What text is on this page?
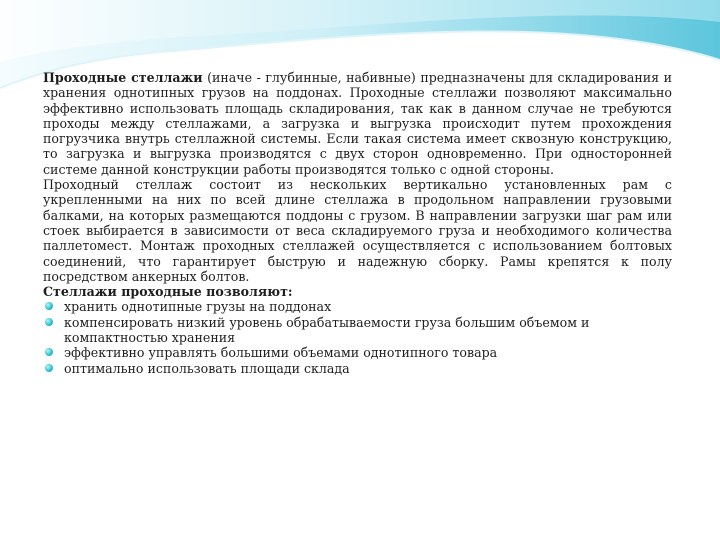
Проходные стеллажи (иначе - глубинные, набивные) предназначены для складирования и хранения однотипных грузов на поддонах. Проходные стеллажи позволяют максимально эффективно использовать площадь складирования, так как в данном случае не требуются проходы между стеллажами, а загрузка и выгрузка происходит путем прохождения погрузчика внутрь стеллажной системы. Если такая система имеет сквозную конструкцию, то загрузка и выгрузка производятся с двух сторон одновременно. При односторонней системе данной конструкции работы производятся только с одной стороны.

Проходный стеллаж состоит из нескольких вертикально установленных рам с укрепленными на них по всей длине стеллажа в продольном направлении грузовыми балками, на которых размещаются поддоны с грузом. В направлении загрузки шаг рам или стоек выбирается в зависимости от веса складируемого груза и необходимого количества паллетомест. Монтаж проходных стеллажей осуществляется с использованием болтовых соединений, что гарантирует быструю и надежную сборку. Рамы крепятся к полу посредством анкерных болтов.

Стеллажи проходные позволяют:

хранить однотипные грузы на поддонах
компенсировать низкий уровень обрабатываемости груза большим объемом и компактностью хранения
эффективно управлять большими объемами однотипного товара
оптимально использовать площади склада
